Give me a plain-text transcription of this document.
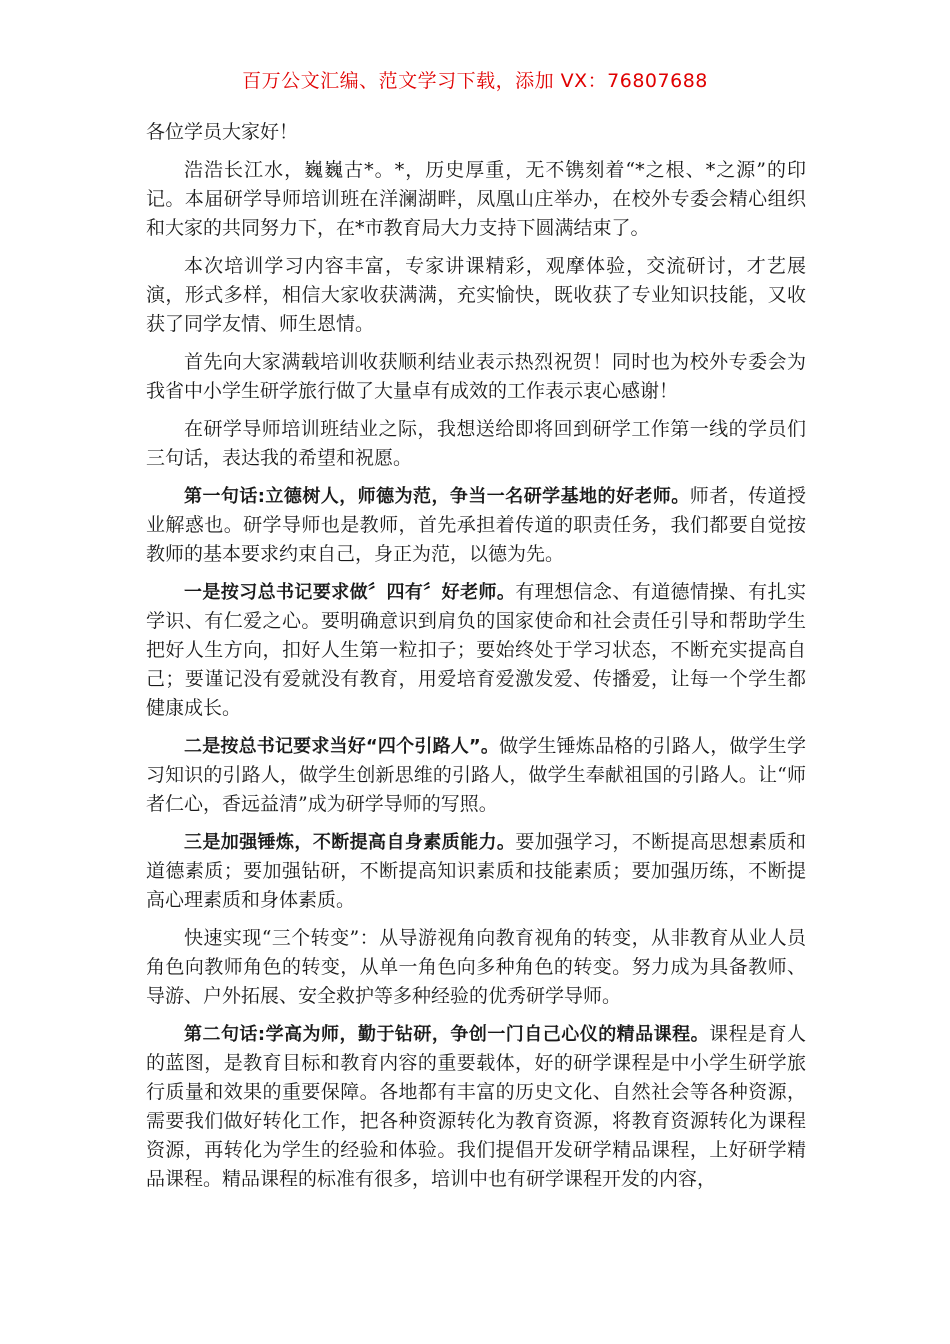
百万公文汇编、范文学习下载，添加 VX：76807688

各位学员大家好！

浩浩长江水，巍巍古*。*，历史厚重，无不镌刻着“*之根、*之源”的印记。本届研学导师培训班在洋澜湖畔，凤凰山庄举办，在校外专委会精心组织和大家的共同努力下，在*市教育局大力支持下圆满结束了。

本次培训学习内容丰富，专家讲课精彩，观摩体验，交流研讨，才艺展演，形式多样，相信大家收获满满，充实愉快，既收获了专业知识技能，又收获了同学友情、师生恩情。

首先向大家满载培训收获顺利结业表示热烈祝贺！同时也为校外专委会为我省中小学生研学旅行做了大量卓有成效的工作表示衷心感谢！

在研学导师培训班结业之际，我想送给即将回到研学工作第一线的学员们三句话，表达我的希望和祝愿。

第一句话:立德树人，师德为范，争当一名研学基地的好老师。师者，传道授业解惑也。研学导师也是教师，首先承担着传道的职责任务，我们都要自觉按教师的基本要求约束自己，身正为范，以德为先。

一是按习总书记要求做〞四有〞好老师。有理想信念、有道德情操、有扎实学识、有仁爱之心。要明确意识到肩负的国家使命和社会责任引导和帮助学生把好人生方向，扣好人生第一粒扣子；要始终处于学习状态，不断充实提高自己；要谨记没有爱就没有教育，用爱培育爱激发爱、传播爱，让每一个学生都健康成长。

二是按总书记要求当好“四个引路人”。做学生锤炼品格的引路人，做学生学习知识的引路人，做学生创新思维的引路人，做学生奉献祖国的引路人。让“师者仁心，香远益清”成为研学导师的写照。

三是加强锤炼，不断提高自身素质能力。要加强学习，不断提高思想素质和道德素质；要加强钻研，不断提高知识素质和技能素质；要加强历练，不断提高心理素质和身体素质。

快速实现“三个转变”：从导游视角向教育视角的转变，从非教育从业人员角色向教师角色的转变，从单一角色向多种角色的转变。努力成为具备教师、导游、户外拓展、安全救护等多种经验的优秀研学导师。

第二句话:学高为师，勤于钻研，争创一门自己心仪的精品课程。课程是育人的蓝图，是教育目标和教育内容的重要载体，好的研学课程是中小学生研学旅行质量和效果的重要保障。各地都有丰富的历史文化、自然社会等各种资源，需要我们做好转化工作，把各种资源转化为教育资源，将教育资源转化为课程资源，再转化为学生的经验和体验。我们提倡开发研学精品课程，上好研学精品课程。精品课程的标准有很多，培训中也有研学课程开发的内容，
